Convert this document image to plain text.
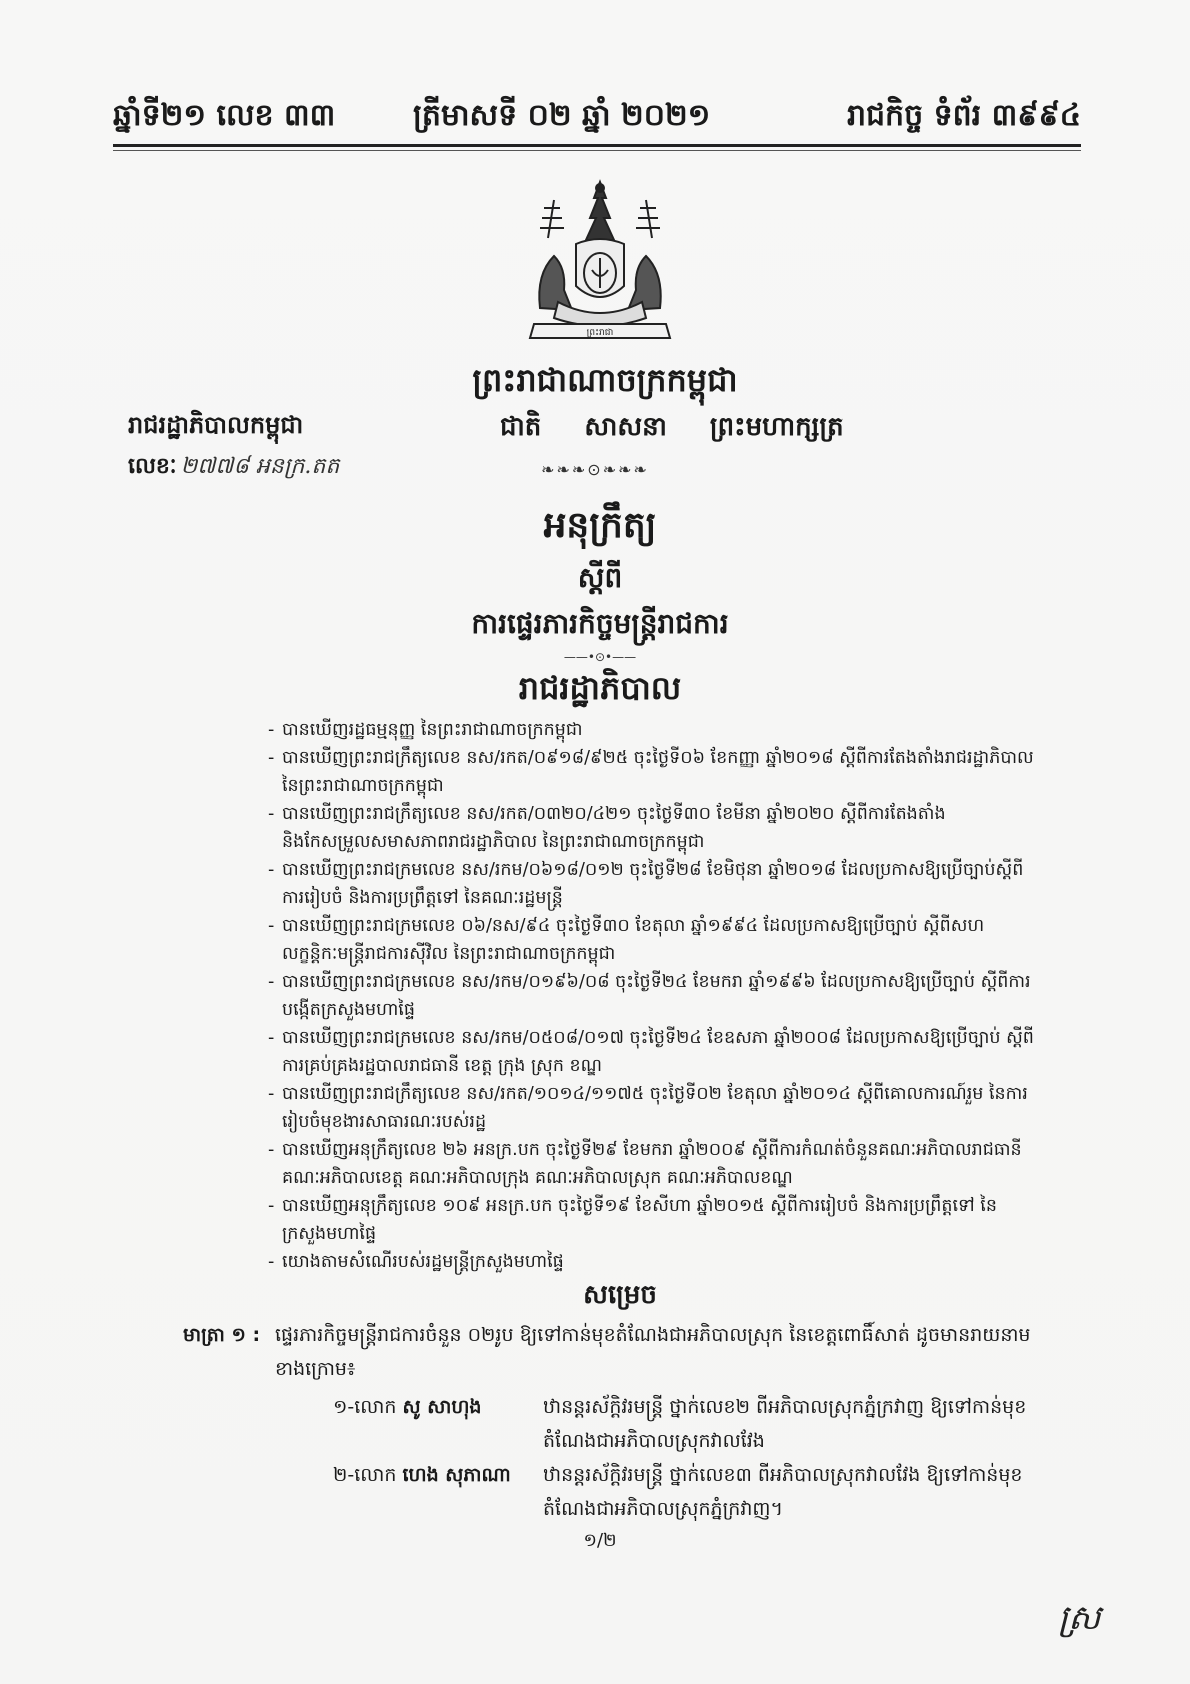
ឆ្នាំទី២១ លេខ ៣៣	ត្រីមាសទី ០២ ឆ្នាំ ២០២១	រាជកិច្ច ទំព័រ ៣៩៩៤
ព្រះរាជា
ព្រះរាជាណាចក្រកម្ពុជា
ជាតិ សាសនា ព្រះមហាក្សត្រ
❧❧❧⊙❧❧❧
រាជរដ្ឋាភិបាលកម្ពុជា
លេខៈ ២៧៧៨ អនក្រ.តត
អនុក្រឹត្យ
ស្ដីពី
ការផ្ទេរភារកិច្ចមន្ត្រីរាជការ
——•⊙•——
រាជរដ្ឋាភិបាល
- បានឃើញរដ្ឋធម្មនុញ្ញ នៃព្រះរាជាណាចក្រកម្ពុជា
- បានឃើញព្រះរាជក្រឹត្យលេខ នស/រកត/០៩១៨/៩២៥ ចុះថ្ងៃទី០៦ ខែកញ្ញា ឆ្នាំ២០១៨ ស្ដីពីការតែងតាំងរាជរដ្ឋាភិបាល នៃព្រះរាជាណាចក្រកម្ពុជា
- បានឃើញព្រះរាជក្រឹត្យលេខ នស/រកត/០៣២០/៤២១ ចុះថ្ងៃទី៣០ ខែមីនា ឆ្នាំ២០២០ ស្ដីពីការតែងតាំង និងកែសម្រួលសមាសភាពរាជរដ្ឋាភិបាល នៃព្រះរាជាណាចក្រកម្ពុជា
- បានឃើញព្រះរាជក្រមលេខ នស/រកម/០៦១៨/០១២ ចុះថ្ងៃទី២៨ ខែមិថុនា ឆ្នាំ២០១៨ ដែលប្រកាសឱ្យប្រើច្បាប់ស្ដីពីការរៀបចំ និងការប្រព្រឹត្តទៅ នៃគណៈរដ្ឋមន្ត្រី
- បានឃើញព្រះរាជក្រមលេខ ០៦/នស/៩៤ ចុះថ្ងៃទី៣០ ខែតុលា ឆ្នាំ១៩៩៤ ដែលប្រកាសឱ្យប្រើច្បាប់ ស្ដីពីសហលក្ខន្តិកៈមន្ត្រីរាជការស៊ីវិល នៃព្រះរាជាណាចក្រកម្ពុជា
- បានឃើញព្រះរាជក្រមលេខ នស/រកម/០១៩៦/០៨ ចុះថ្ងៃទី២៤ ខែមករា ឆ្នាំ១៩៩៦ ដែលប្រកាសឱ្យប្រើច្បាប់ ស្ដីពីការបង្កើតក្រសួងមហាផ្ទៃ
- បានឃើញព្រះរាជក្រមលេខ នស/រកម/០៥០៨/០១៧ ចុះថ្ងៃទី២៤ ខែឧសភា ឆ្នាំ២០០៨ ដែលប្រកាសឱ្យប្រើច្បាប់ ស្ដីពីការគ្រប់គ្រងរដ្ឋបាលរាជធានី ខេត្ត ក្រុង ស្រុក ខណ្ឌ
- បានឃើញព្រះរាជក្រឹត្យលេខ នស/រកត/១០១៤/១១៧៥ ចុះថ្ងៃទី០២ ខែតុលា ឆ្នាំ២០១៤ ស្ដីពីគោលការណ៍រួម នៃការរៀបចំមុខងារសាធារណៈរបស់រដ្ឋ
- បានឃើញអនុក្រឹត្យលេខ ២៦ អនក្រ.បក ចុះថ្ងៃទី២៩ ខែមករា ឆ្នាំ២០០៩ ស្ដីពីការកំណត់ចំនួនគណៈអភិបាលរាជធានី គណៈអភិបាលខេត្ត គណៈអភិបាលក្រុង គណៈអភិបាលស្រុក គណៈអភិបាលខណ្ឌ
- បានឃើញអនុក្រឹត្យលេខ ១០៩ អនក្រ.បក ចុះថ្ងៃទី១៩ ខែសីហា ឆ្នាំ២០១៥ ស្ដីពីការរៀបចំ និងការប្រព្រឹត្តទៅ នៃក្រសួងមហាផ្ទៃ
- យោងតាមសំណើរបស់រដ្ឋមន្ត្រីក្រសួងមហាផ្ទៃ
សម្រេច
មាត្រា ១ : ផ្ទេរភារកិច្ចមន្ត្រីរាជការចំនួន ០២រូប ឱ្យទៅកាន់មុខតំណែងជាអភិបាលស្រុក នៃខេត្តពោធិ៍សាត់ ដូចមានរាយនាមខាងក្រោម៖
១-លោក សូ សាហុង	ឋានន្តរស័ក្តិវរមន្ត្រី ថ្នាក់លេខ២ ពីអភិបាលស្រុកភ្នំក្រវាញ ឱ្យទៅកាន់មុខតំណែងជាអភិបាលស្រុកវាលវែង
២-លោក ហេង សុភាណា ឋានន្តរស័ក្តិវរមន្ត្រី ថ្នាក់លេខ៣ ពីអភិបាលស្រុកវាលវែង ឱ្យទៅកាន់មុខតំណែងជាអភិបាលស្រុកភ្នំក្រវាញ។
១/២
ស្រ
